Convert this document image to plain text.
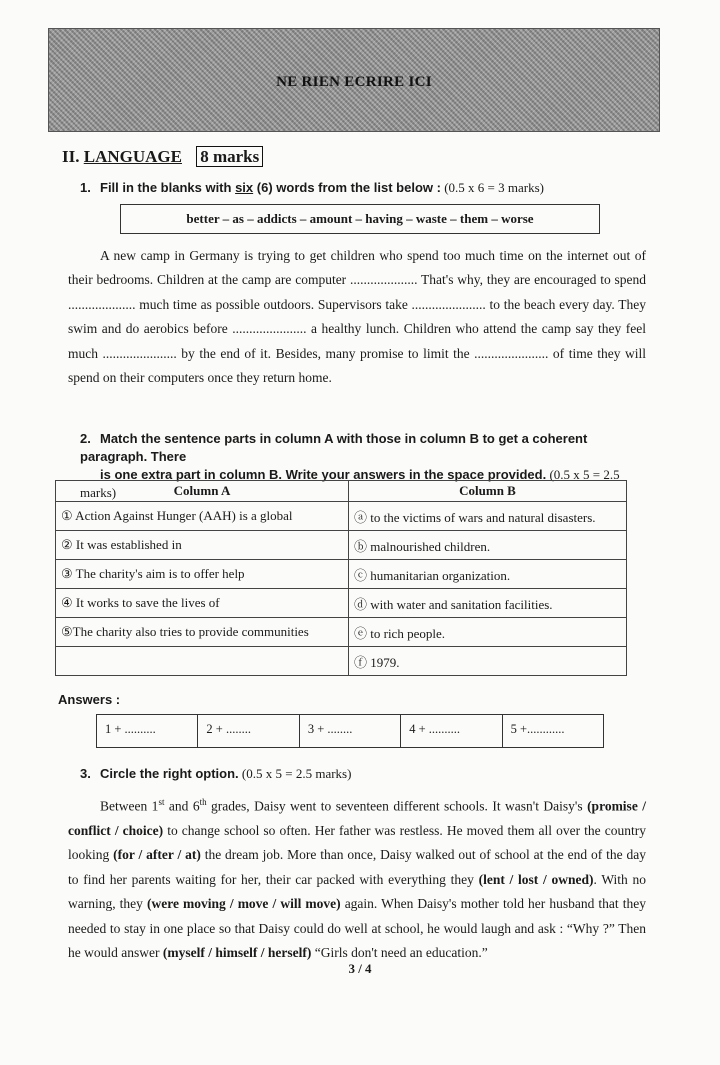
NE RIEN ECRIRE ICI
II. LANGUAGE 8 marks
1. Fill in the blanks with six (6) words from the list below : (0.5 x 6 = 3 marks)
better – as – addicts – amount – having – waste – them – worse

A new camp in Germany is trying to get children who spend too much time on the internet out of their bedrooms. Children at the camp are computer .................... That's why, they are encouraged to spend .................... much time as possible outdoors. Supervisors take ...................... to the beach every day. They swim and do aerobics before ...................... a healthy lunch. Children who attend the camp say they feel much ...................... by the end of it. Besides, many promise to limit the ...................... of time they will spend on their computers once they return home.

2. Match the sentence parts in column A with those in column B to get a coherent paragraph. There
is one extra part in column B. Write your answers in the space provided. (0.5 x 5 = 2.5 marks)	Column A	Column B
① Action Against Hunger (AAH) is a global	ⓐ to the victims of wars and natural disasters.
② It was established in	ⓑ malnourished children.
③ The charity's aim is to offer help	ⓒ humanitarian organization.
④ It works to save the lives of	ⓓ with water and sanitation facilities.
⑤The charity also tries to provide communities	ⓔ to rich people.
	ⓕ 1979.
Answers :
1 + ..........	2 + ........	3 + ........	4 + ..........	5 +............
3. Circle the right option. (0.5 x 5 = 2.5 marks)

Between 1st and 6th grades, Daisy went to seventeen different schools. It wasn't Daisy's (promise / conflict / choice) to change school so often. Her father was restless. He moved them all over the country looking (for / after / at) the dream job. More than once, Daisy walked out of school at the end of the day to find her parents waiting for her, their car packed with everything they (lent / lost / owned). With no warning, they (were moving / move / will move) again. When Daisy's mother told her husband that they needed to stay in one place so that Daisy could do well at school, he would laugh and ask : “Why ?” Then he would answer (myself / himself / herself) “Girls don't need an education.”

3 / 4
